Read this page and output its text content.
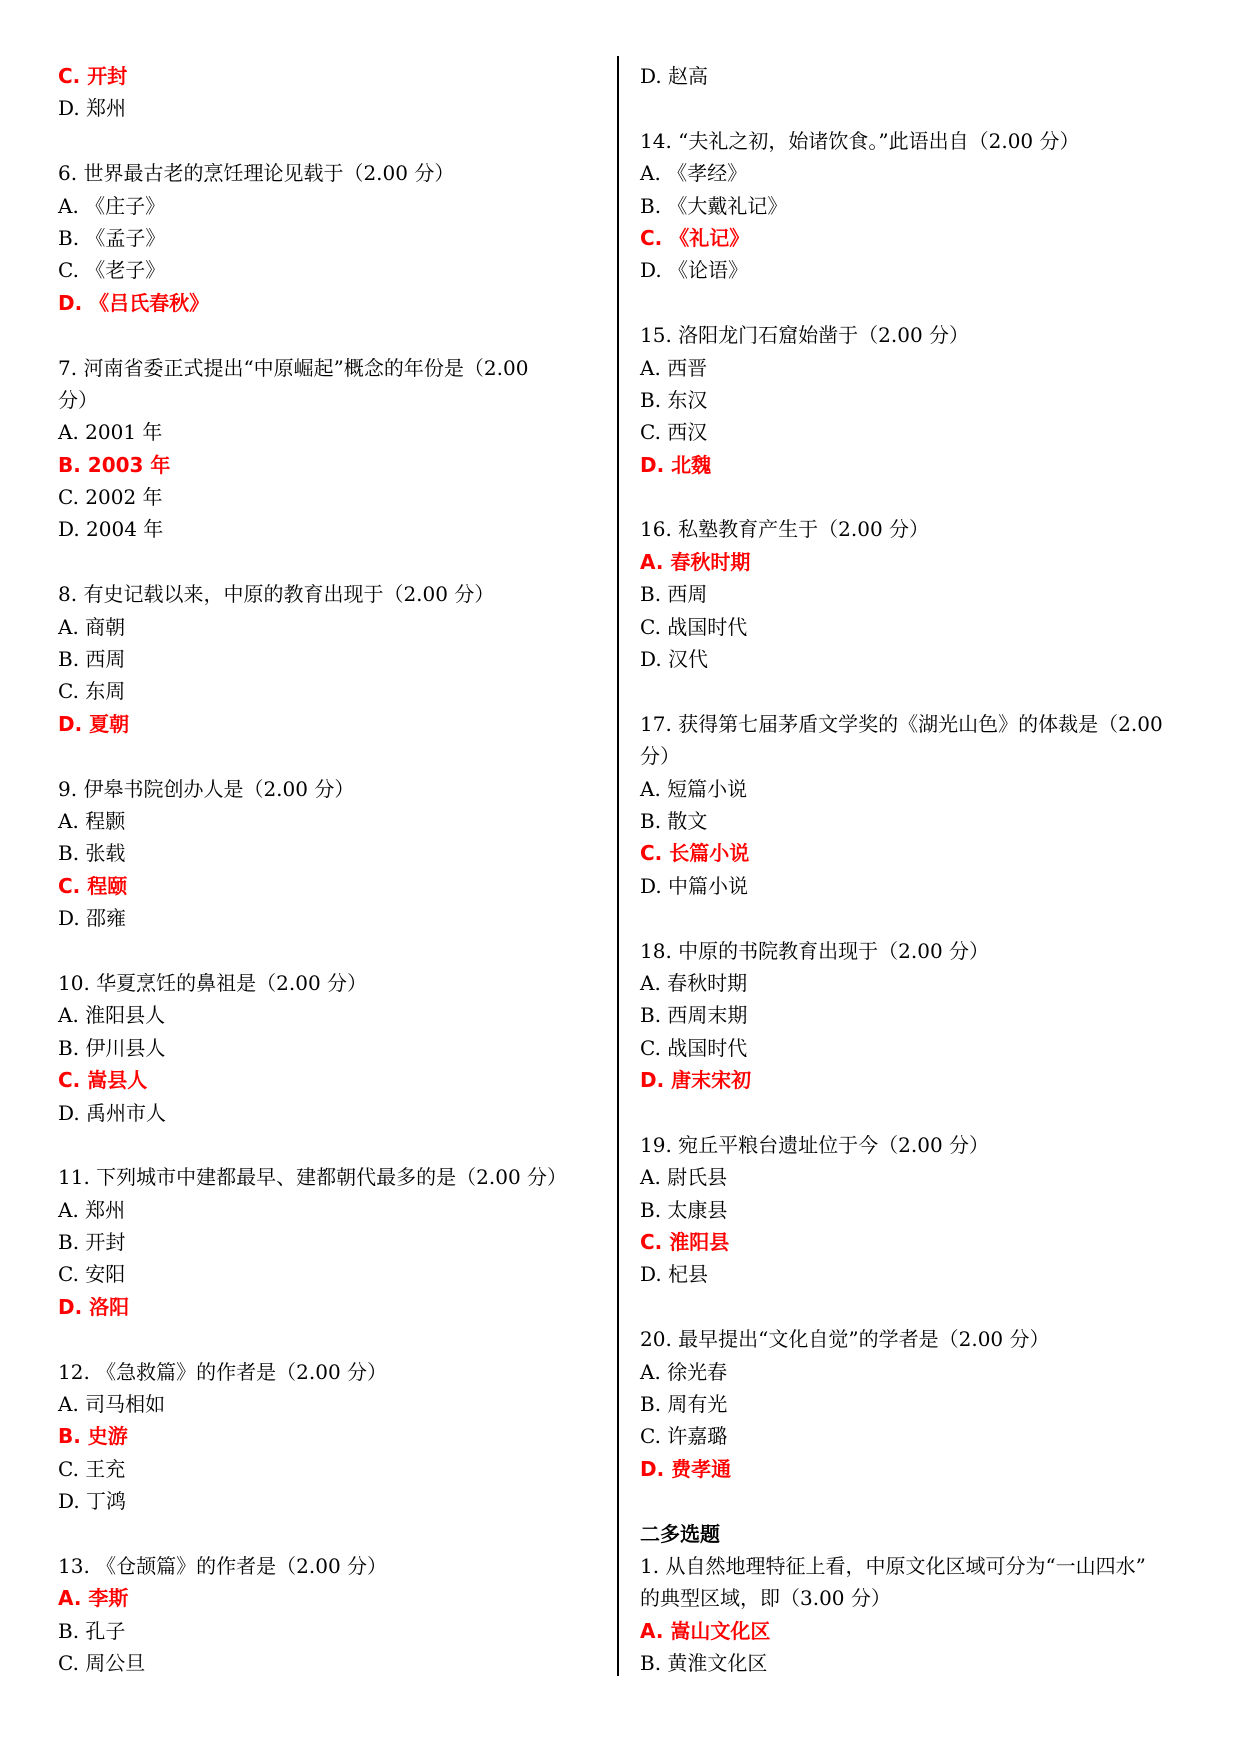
C. 开封
D. 郑州
6. 世界最古老的烹饪理论见载于（2.00 分）
A. 《庄子》
B. 《孟子》
C. 《老子》
D. 《吕氏春秋》
7. 河南省委正式提出“中原崛起”概念的年份是（2.00
分）
A. 2001 年
B. 2003 年
C. 2002 年
D. 2004 年
8. 有史记载以来，中原的教育出现于（2.00 分）
A. 商朝
B. 西周
C. 东周
D. 夏朝
9. 伊皋书院创办人是（2.00 分）
A. 程颢
B. 张载
C. 程颐
D. 邵雍
10. 华夏烹饪的鼻祖是（2.00 分）
A. 淮阳县人
B. 伊川县人
C. 嵩县人
D. 禹州市人
11. 下列城市中建都最早、建都朝代最多的是（2.00 分）
A. 郑州
B. 开封
C. 安阳
D. 洛阳
12. 《急救篇》的作者是（2.00 分）
A. 司马相如
B. 史游
C. 王充
D. 丁鸿
13. 《仓颉篇》的作者是（2.00 分）
A. 李斯
B. 孔子
C. 周公旦
D. 赵高
14. “夫礼之初，始诸饮食。”此语出自（2.00 分）
A. 《孝经》
B. 《大戴礼记》
C. 《礼记》
D. 《论语》
15. 洛阳龙门石窟始凿于（2.00 分）
A. 西晋
B. 东汉
C. 西汉
D. 北魏
16. 私塾教育产生于（2.00 分）
A. 春秋时期
B. 西周
C. 战国时代
D. 汉代
17. 获得第七届茅盾文学奖的《湖光山色》的体裁是（2.00
分）
A. 短篇小说
B. 散文
C. 长篇小说
D. 中篇小说
18. 中原的书院教育出现于（2.00 分）
A. 春秋时期
B. 西周末期
C. 战国时代
D. 唐末宋初
19. 宛丘平粮台遗址位于今（2.00 分）
A. 尉氏县
B. 太康县
C. 淮阳县
D. 杞县
20. 最早提出“文化自觉”的学者是（2.00 分）
A. 徐光春
B. 周有光
C. 许嘉璐
D. 费孝通
二多选题
1. 从自然地理特征上看，中原文化区域可分为“一山四水”
的典型区域，即（3.00 分）
A. 嵩山文化区
B. 黄淮文化区
